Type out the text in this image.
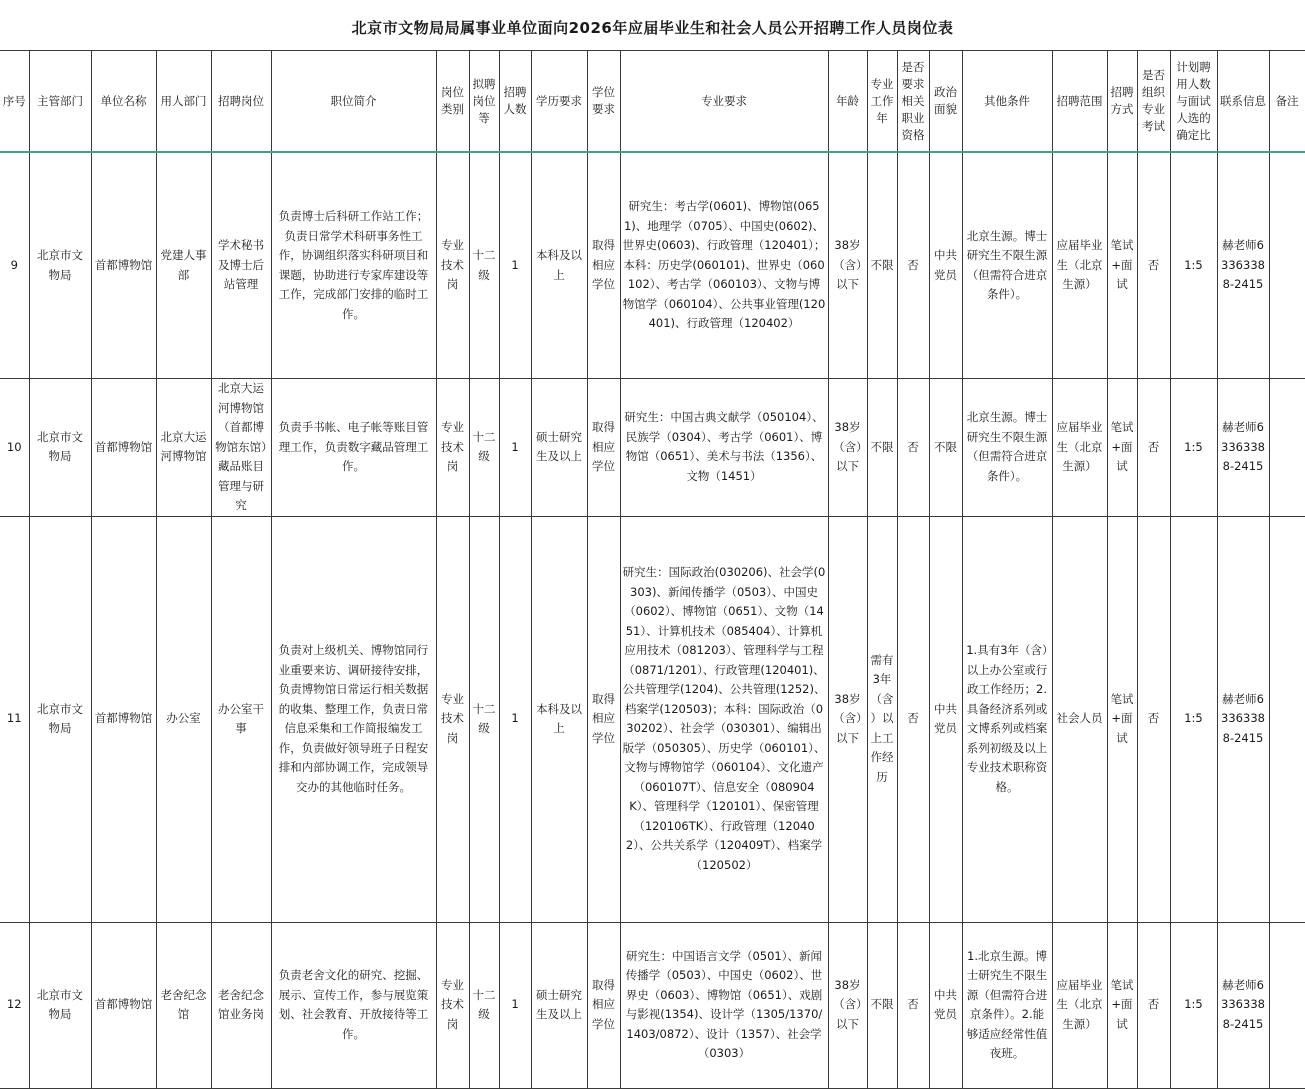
北京市文物局局属事业单位面向2026年应届毕业生和社会人员公开招聘工作人员岗位表
序号	主管部门	单位名称	用人部门	招聘岗位	职位简介	岗位类别	拟聘岗位等	招聘人数	学历要求	学位要求	专业要求	年龄	专业工作年	是否要求相关职业资格	政治面貌	其他条件	招聘范围	招聘方式	是否组织专业考试	计划聘用人数与面试人选的确定比	联系信息	备注
9	北京市文物局	首都博物馆	党建人事部	学术秘书及博士后站管理	负责博士后科研工作站工作；负责日常学术科研事务性工作，协调组织落实科研项目和课题，协助进行专家库建设等工作，完成部门安排的临时工作。	专业技术岗	十二级	1	本科及以上	取得相应学位	研究生：考古学(0601)、博物馆(0651)、地理学（0705）、中国史(0602)、世界史(0603)、行政管理（120401）；本科：历史学(060101)、世界史（060102）、考古学（060103）、文物与博物馆学（060104）、公共事业管理(120401)、行政管理（120402）	38岁（含）以下	不限	否	中共党员	北京生源。博士研究生不限生源（但需符合进京条件）。	应届毕业生（北京生源）	笔试+面试	否	1:5	赫老师63363388-2415	
10	北京市文物局	首都博物馆	北京大运河博物馆	北京大运河博物馆（首都博物馆东馆）藏品账目管理与研究	负责手书帐、电子帐等账目管理工作，负责数字藏品管理工作。	专业技术岗	十二级	1	硕士研究生及以上	取得相应学位	研究生：中国古典文献学（050104）、民族学（0304）、考古学（0601）、博物馆（0651）、美术与书法（1356）、文物（1451）	38岁（含）以下	不限	否	不限	北京生源。博士研究生不限生源（但需符合进京条件）。	应届毕业生（北京生源）	笔试+面试	否	1:5	赫老师63363388-2415	
11	北京市文物局	首都博物馆	办公室	办公室干事	负责对上级机关、博物馆同行业重要来访、调研接待安排，负责博物馆日常运行相关数据的收集、整理工作，负责日常信息采集和工作简报编发工作，负责做好领导班子日程安排和内部协调工作，完成领导交办的其他临时任务。	专业技术岗	十二级	1	本科及以上	取得相应学位	研究生：国际政治(030206)、社会学(0303)、新闻传播学（0503）、中国史（0602）、博物馆（0651）、文物（1451）、计算机技术（085404）、计算机应用技术（081203）、管理科学与工程（0871/1201）、行政管理(120401)、公共管理学(1204)、公共管理(1252)、档案学(120503)；本科：国际政治（030202）、社会学（030301）、编辑出版学（050305）、历史学（060101）、文物与博物馆学（060104）、文化遗产（060107T）、信息安全（080904K）、管理科学（120101）、保密管理（120106TK）、行政管理（120402）、公共关系学（120409T）、档案学（120502）	38岁（含）以下	需有3年（含）以上工作经历	否	中共党员	1.具有3年（含）以上办公室或行政工作经历；2.具备经济系列或文博系列或档案系列初级及以上专业技术职称资格。	社会人员	笔试+面试	否	1:5	赫老师63363388-2415	
12	北京市文物局	首都博物馆	老舍纪念馆	老舍纪念馆业务岗	负责老舍文化的研究、挖掘、展示、宣传工作，参与展览策划、社会教育、开放接待等工作。	专业技术岗	十二级	1	硕士研究生及以上	取得相应学位	研究生：中国语言文学（0501）、新闻传播学（0503）、中国史（0602）、世界史（0603）、博物馆（0651）、戏剧与影视(1354)、设计学（1305/1370/1403/0872）、设计（1357）、社会学（0303）	38岁（含）以下	不限	否	中共党员	1.北京生源。博士研究生不限生源（但需符合进京条件）。2.能够适应经常性值夜班。	应届毕业生（北京生源）	笔试+面试	否	1:5	赫老师63363388-2415	
